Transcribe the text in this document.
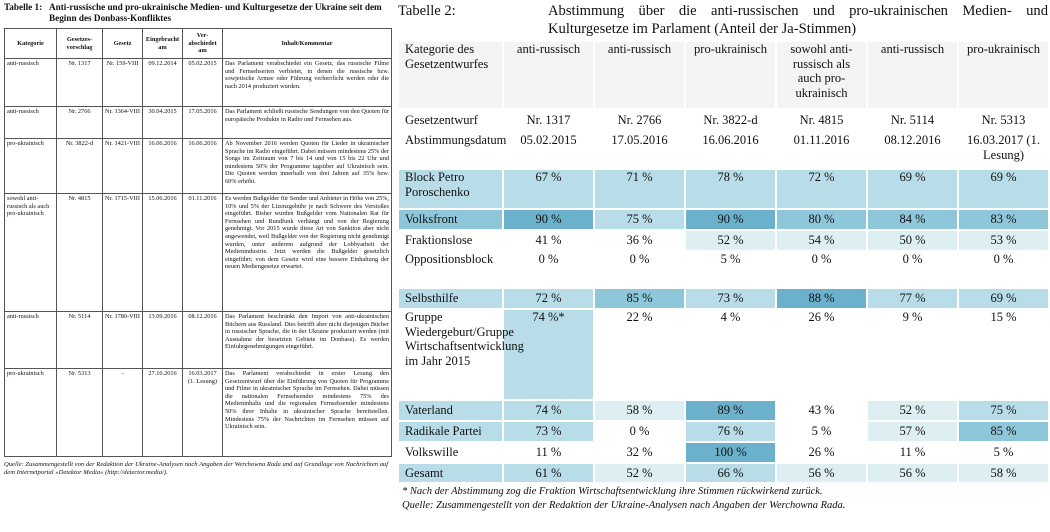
Tabelle 1: Anti-russische und pro-ukrainische Medien- und Kulturgesetze der Ukraine seit dem Beginn des Donbass-Konfliktes
Kategorie	Gesetzes-vorschlag	Gesetz	Eingebracht am	Ver-abschiedet am	Inhalt/Kommentar
anti-russisch	Nr. 1317	Nr. 159-VIII	09.12.2014	05.02.2015	Das Parlament verabschiedet ein Gesetz, das russische Filme und Fernsehserien verbietet, in denen die russische bzw. sowjetische Armee oder Führung verherrlicht werden oder die nach 2014 produziert wurden.
anti-russisch	Nr. 2766	Nr. 1364-VIII	30.04.2015	17.05.2016	Das Parlament schließt russische Sendungen von den Quoten für europäische Produkte in Radio und Fernsehen aus.
pro-ukrainisch	Nr. 3822-d	Nr. 1421-VIII	16.06.2016	16.06.2016	Ab November 2016 werden Quoten für Lieder in ukrainischer Sprache im Radio eingeführt. Dabei müssen mindestens 25% der Songs im Zeitraum von 7 bis 14 und von 15 bis 22 Uhr und mindestens 50% der Programme tagsüber auf Ukrainisch sein. Die Quoten werden innerhalb von drei Jahren auf 35% bzw. 60% erhöht.
sowohl anti-russisch als auch pro-ukrainisch	Nr. 4815	Nr. 1715-VIII	15.06.2016	01.11.2016	Es werden Bußgelder für Sender und Anbieter in Höhe von 25%, 10% und 5% der Lizenzgebühr je nach Schwere des Verstoßes eingeführt. Bisher wurden Bußgelder vom Nationalen Rat für Fernsehen und Rundfunk verhängt und von der Regierung genehmigt. Vor 2015 wurde diese Art von Sanktion aber nicht angewendet, weil Bußgelder von der Regierung nicht genehmigt wurden, unter anderem aufgrund der Lobbyarbeit der Medienindustrie. Jetzt werden die Bußgelder gesetzlich eingeführt; von dem Gesetz wird eine bessere Einhaltung der neuen Mediengesetze erwartet.
anti-russisch	Nr. 5114	Nr. 1780-VIII	13.09.2016	08.12.2016	Das Parlament beschränkt den Import von anti-ukrainischen Büchern aus Russland. Dies betrifft aber nicht diejenigen Bücher in russischer Sprache, die in der Ukraine produziert werden (mit Ausnahme der besetzten Gebiete im Donbass). Es werden Einfuhrgenehmigungen eingeführt.
pro-ukrainisch	Nr. 5313	-	27.10.2016	16.03.2017 (1. Lesung)	Das Parlament verabschiedet in erster Lesung den Gesetzentwurf über die Einführung von Quoten für Programme und Filme in ukrainischer Sprache im Fernsehen. Dabei müssen die nationalen Fernsehsender mindestens 75% des Medieninhalts und die regionalen Fernsehsender mindestens 50% ihrer Inhalte in ukrainischer Sprache bereitstellen. Mindestens 75% der Nachrichten im Fernsehen müssen auf Ukrainisch sein.
Quelle: Zusammengestellt von der Redaktion der Ukraine-Analysen nach Angaben der Werchowna Rada und auf Grundlage von Nachrichten auf dem Internetportal »Detektor Media« (http://detector.media/).
Tabelle 2:	Abstimmung über die anti-russischen und pro-ukrainischen Medien- und Kulturgesetze im Parlament (Anteil der Ja-Stimmen)
Kategorie des Gesetzentwurfes	anti-russisch	anti-russisch	pro-ukrainisch	sowohl anti-russisch als auch pro-ukrainisch	anti-russisch	pro-ukrainisch
Gesetzentwurf	Nr. 1317	Nr. 2766	Nr. 3822-d	Nr. 4815	Nr. 5114	Nr. 5313
Abstimmungsdatum	05.02.2015	17.05.2016	16.06.2016	01.11.2016	08.12.2016	16.03.2017 (1. Lesung)
Block Petro Poroschenko	67 %	71 %	78 %	72 %	69 %	69 %
Volksfront	90 %	75 %	90 %	80 %	84 %	83 %
Fraktionslose	41 %	36 %	52 %	54 %	50 %	53 %
Oppositionsblock	0 %	0 %	5 %	0 %	0 %	0 %
Selbsthilfe	72 %	85 %	73 %	88 %	77 %	69 %
Gruppe Wiedergeburt/Gruppe Wirtschaftsentwicklung im Jahr 2015	74 %*	22 %	4 %	26 %	9 %	15 %
Vaterland	74 %	58 %	89 %	43 %	52 %	75 %
Radikale Partei	73 %	0 %	76 %	5 %	57 %	85 %
Volkswille	11 %	32 %	100 %	26 %	11 %	5 %
Gesamt	61 %	52 %	66 %	56 %	56 %	58 %
* Nach der Abstimmung zog die Fraktion Wirtschaftsentwicklung ihre Stimmen rückwirkend zurück.
Quelle: Zusammengestellt von der Redaktion der Ukraine-Analysen nach Angaben der Werchowna Rada.
